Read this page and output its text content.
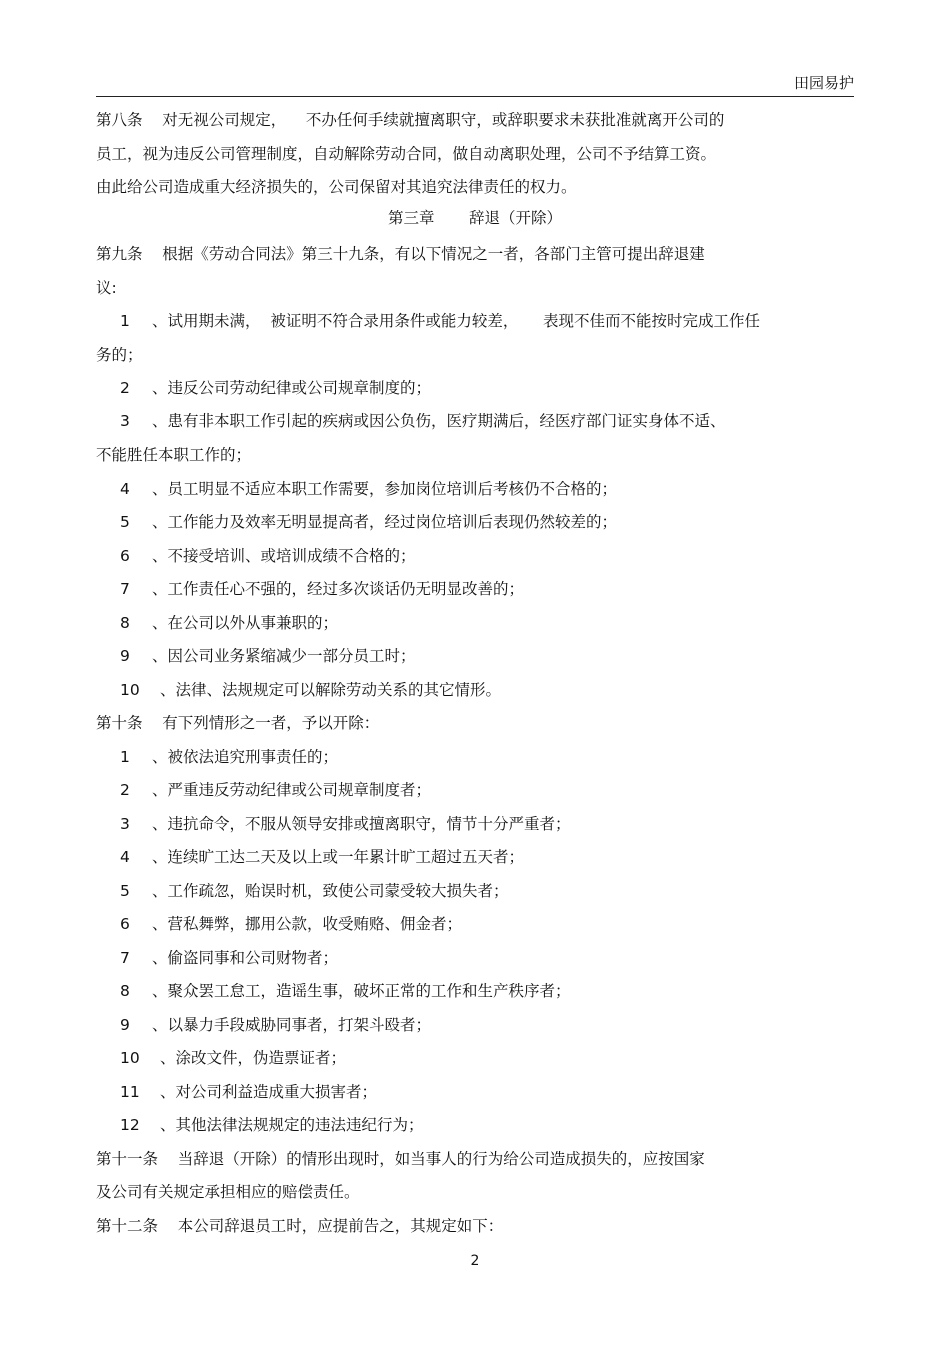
田园易护
第八条    对无视公司规定，    不办任何手续就擅离职守，或辞职要求未获批准就离开公司的
员工，视为违反公司管理制度，自动解除劳动合同，做自动离职处理，公司不予结算工资。
由此给公司造成重大经济损失的，公司保留对其追究法律责任的权力。
第三章       辞退（开除）
第九条    根据《劳动合同法》第三十九条，有以下情况之一者，各部门主管可提出辞退建
议:
1 、试用期未满，  被证明不符合录用条件或能力较差，     表现不佳而不能按时完成工作任
务的；
2 、违反公司劳动纪律或公司规章制度的；
3 、患有非本职工作引起的疾病或因公负伤，医疗期满后，经医疗部门证实身体不适、
不能胜任本职工作的；
4 、员工明显不适应本职工作需要，参加岗位培训后考核仍不合格的；
5 、工作能力及效率无明显提高者，经过岗位培训后表现仍然较差的；
6 、不接受培训、或培训成绩不合格的；
7 、工作责任心不强的，经过多次谈话仍无明显改善的；
8 、在公司以外从事兼职的；
9 、因公司业务紧缩减少一部分员工时；
10 、法律、法规规定可以解除劳动关系的其它情形。
第十条    有下列情形之一者，予以开除：
1 、被依法追究刑事责任的；
2 、严重违反劳动纪律或公司规章制度者；
3 、违抗命令，不服从领导安排或擅离职守，情节十分严重者；
4 、连续旷工达二天及以上或一年累计旷工超过五天者；
5 、工作疏忽，贻误时机，致使公司蒙受较大损失者；
6 、营私舞弊，挪用公款，收受贿赂、佣金者；
7 、偷盗同事和公司财物者；
8 、聚众罢工怠工，造谣生事，破坏正常的工作和生产秩序者；
9 、以暴力手段威胁同事者，打架斗殴者；
10 、涂改文件，伪造票证者；
11 、对公司利益造成重大损害者；
12 、其他法律法规规定的违法违纪行为；
第十一条    当辞退（开除）的情形出现时，如当事人的行为给公司造成损失的，应按国家
及公司有关规定承担相应的赔偿责任。
第十二条    本公司辞退员工时，应提前告之，其规定如下：
2
